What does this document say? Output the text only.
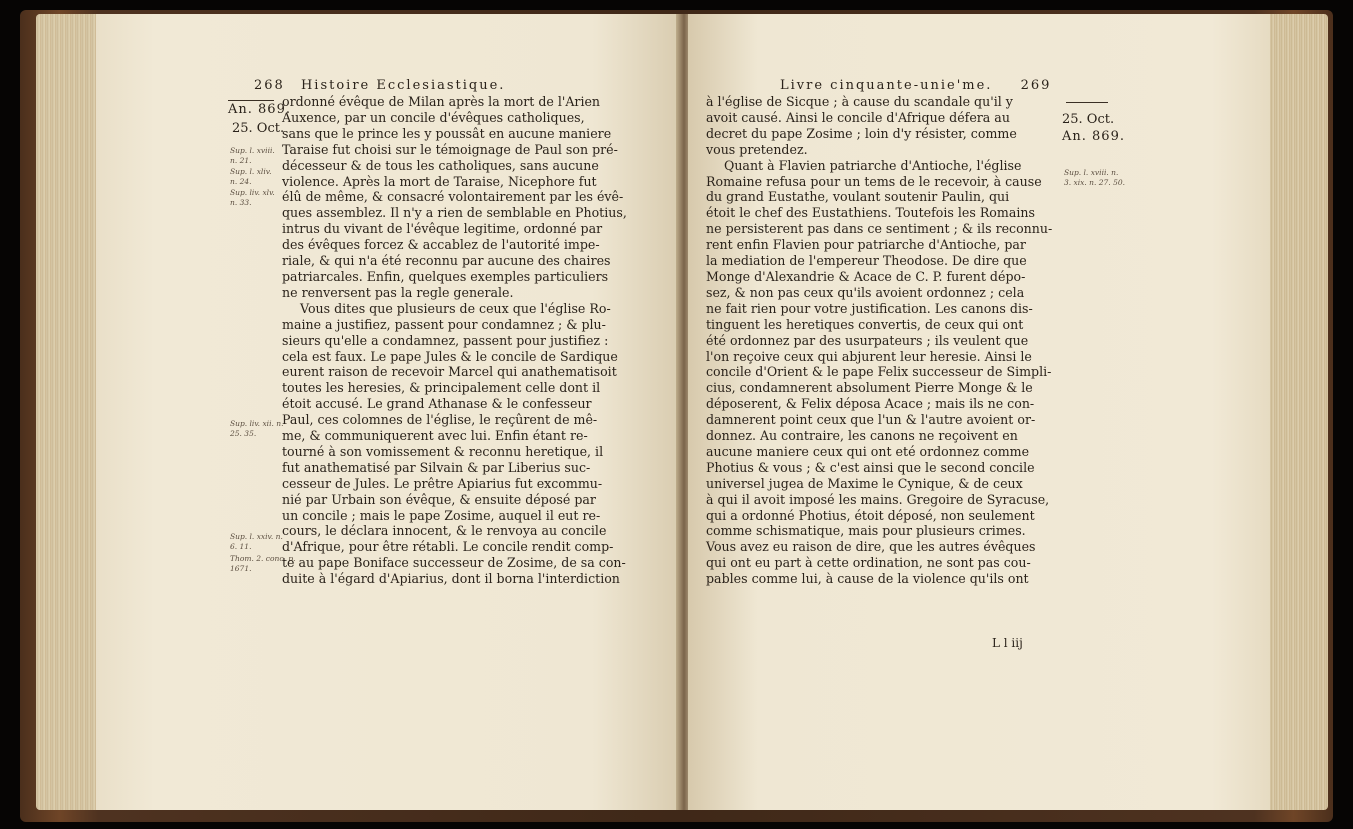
268 Histoire Ecclesiastique.
An. 869.
25. Oct.
Sup. l. xviii.
n. 21.
Sup. l. xliv.
n. 24.
Sup. liv. xlv.
n. 33.
Sup. liv. xii. n.
25. 35.
Sup. l. xxiv. n.
6. 11.
Thom. 2. conc. p.
1671.

ordonné évêque de Milan après la mort de l'Arien

Auxence, par un concile d'évêques catholiques,

sans que le prince les y poussât en aucune maniere

Taraise fut choisi sur le témoignage de Paul son pré-

décesseur & de tous les catholiques, sans aucune

violence. Après la mort de Taraise, Nicephore fut

élû de même, & consacré volontairement par les évê-

ques assemblez. Il n'y a rien de semblable en Photius,

intrus du vivant de l'évêque legitime, ordonné par

des évêques forcez & accablez de l'autorité impe-

riale, & qui n'a été reconnu par aucune des chaires

patriarcales. Enfin, quelques exemples particuliers

ne renversent pas la regle generale.

Vous dites que plusieurs de ceux que l'église Ro-

maine a justifiez, passent pour condamnez ; & plu-

sieurs qu'elle a condamnez, passent pour justifiez :

cela est faux. Le pape Jules & le concile de Sardique

eurent raison de recevoir Marcel qui anathematisoit

toutes les heresies, & principalement celle dont il

étoit accusé. Le grand Athanase & le confesseur

Paul, ces colomnes de l'église, le reçûrent de mê-

me, & communiquerent avec lui. Enfin étant re-

tourné à son vomissement & reconnu heretique, il

fut anathematisé par Silvain & par Liberius suc-

cesseur de Jules. Le prêtre Apiarius fut excommu-

nié par Urbain son évêque, & ensuite déposé par

un concile ; mais le pape Zosime, auquel il eut re-

cours, le déclara innocent, & le renvoya au concile

d'Afrique, pour être rétabli. Le concile rendit comp-

te au pape Boniface successeur de Zosime, de sa con-

duite à l'égard d'Apiarius, dont il borna l'interdiction

Livre cinquante-unie'me. 269
25. Oct.
An. 869.
Sup. l. xviii. n.
3. xix. n. 27. 50.

à l'église de Sicque ; à cause du scandale qu'il y

avoit causé. Ainsi le concile d'Afrique défera au

decret du pape Zosime ; loin d'y résister, comme

vous pretendez.

Quant à Flavien patriarche d'Antioche, l'église

Romaine refusa pour un tems de le recevoir, à cause

du grand Eustathe, voulant soutenir Paulin, qui

étoit le chef des Eustathiens. Toutefois les Romains

ne persisterent pas dans ce sentiment ; & ils reconnu-

rent enfin Flavien pour patriarche d'Antioche, par

la mediation de l'empereur Theodose. De dire que

Monge d'Alexandrie & Acace de C. P. furent dépo-

sez, & non pas ceux qu'ils avoient ordonnez ; cela

ne fait rien pour votre justification. Les canons dis-

tinguent les heretiques convertis, de ceux qui ont

été ordonnez par des usurpateurs ; ils veulent que

l'on reçoive ceux qui abjurent leur heresie. Ainsi le

concile d'Orient & le pape Felix successeur de Simpli-

cius, condamnerent absolument Pierre Monge & le

déposerent, & Felix déposa Acace ; mais ils ne con-

damnerent point ceux que l'un & l'autre avoient or-

donnez. Au contraire, les canons ne reçoivent en

aucune maniere ceux qui ont eté ordonnez comme

Photius & vous ; & c'est ainsi que le second concile

universel jugea de Maxime le Cynique, & de ceux

à qui il avoit imposé les mains. Gregoire de Syracuse,

qui a ordonné Photius, étoit déposé, non seulement

comme schismatique, mais pour plusieurs crimes.

Vous avez eu raison de dire, que les autres évêques

qui ont eu part à cette ordination, ne sont pas cou-

pables comme lui, à cause de la violence qu'ils ont

L l iij
